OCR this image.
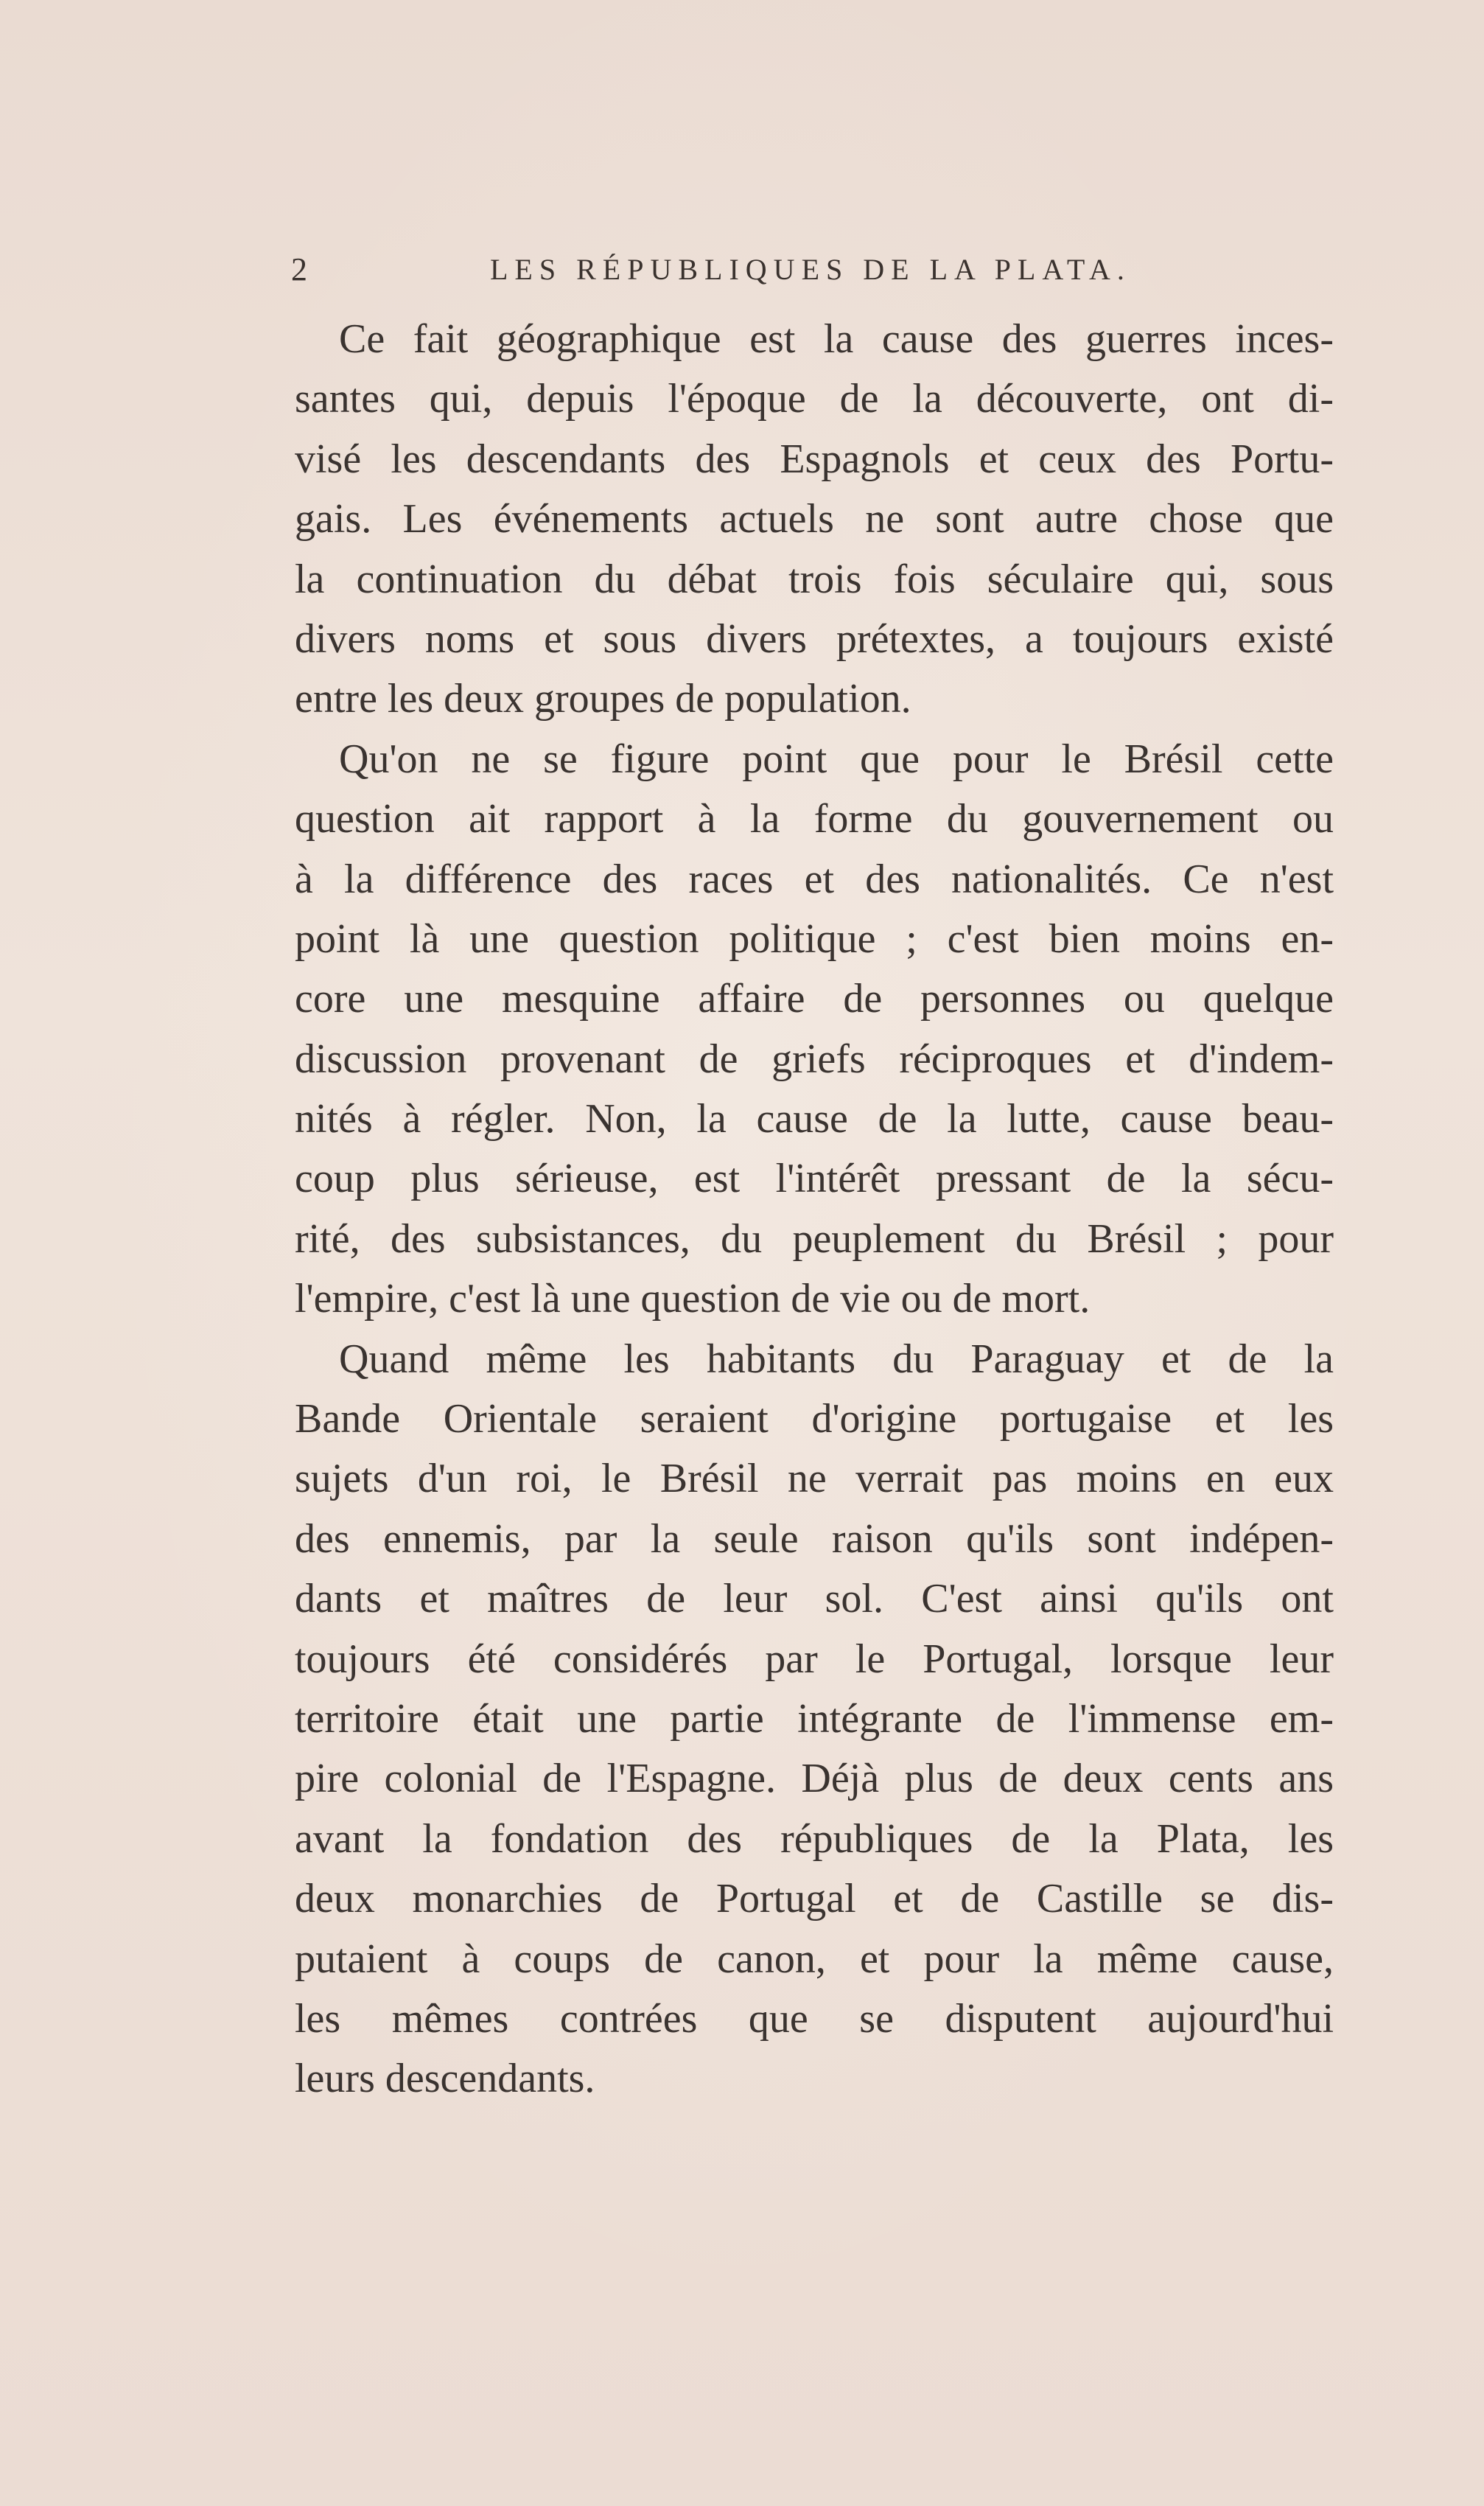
2	LES RÉPUBLIQUES DE LA PLATA.
Ce fait géographique est la cause des guerres inces-
santes qui, depuis l'époque de la découverte, ont di-
visé les descendants des Espagnols et ceux des Portu-
gais. Les événements actuels ne sont autre chose que
la continuation du débat trois fois séculaire qui, sous
divers noms et sous divers prétextes, a toujours existé
entre les deux groupes de population.
Qu'on ne se figure point que pour le Brésil cette
question ait rapport à la forme du gouvernement ou
à la différence des races et des nationalités. Ce n'est
point là une question politique ; c'est bien moins en-
core une mesquine affaire de personnes ou quelque
discussion provenant de griefs réciproques et d'indem-
nités à régler. Non, la cause de la lutte, cause beau-
coup plus sérieuse, est l'intérêt pressant de la sécu-
rité, des subsistances, du peuplement du Brésil ; pour
l'empire, c'est là une question de vie ou de mort.
Quand même les habitants du Paraguay et de la
Bande Orientale seraient d'origine portugaise et les
sujets d'un roi, le Brésil ne verrait pas moins en eux
des ennemis, par la seule raison qu'ils sont indépen-
dants et maîtres de leur sol. C'est ainsi qu'ils ont
toujours été considérés par le Portugal, lorsque leur
territoire était une partie intégrante de l'immense em-
pire colonial de l'Espagne. Déjà plus de deux cents ans
avant la fondation des républiques de la Plata, les
deux monarchies de Portugal et de Castille se dis-
putaient à coups de canon, et pour la même cause,
les mêmes contrées que se disputent aujourd'hui
leurs descendants.
